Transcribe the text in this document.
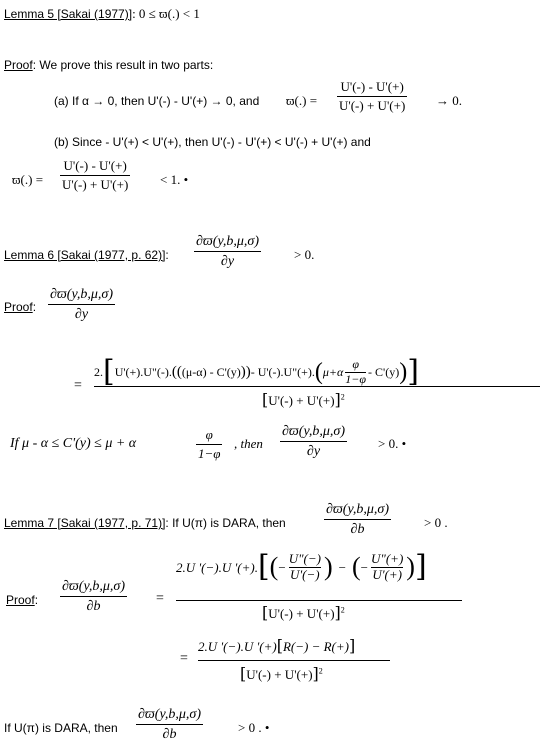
Lemma 5 [Sakai (1977)]: 0 ≤ ϖ(.) < 1
Proof: We prove this result in two parts:
(a) If α → 0, then U'(-) - U'(+) → 0, and ϖ(.) =
U'(-) - U'(+)
U'(-) + U'(+) → 0.
(b) Since - U'(+) < U'(+), then U'(-) - U'(+) < U'(-) + U'(+) and
ϖ(.) =
U'(-) - U'(+)
U'(-) + U'(+) < 1. •
Lemma 6 [Sakai (1977, p. 62)]:
∂ϖ(y,b,μ,σ)
∂y	> 0.
Proof:
∂ϖ(y,b,μ,σ)
∂y
=
2. [ U'(+).U"(-). (( (μ-α) - C'(y) )) - U'(-).U"(+). ( μ+α
φ
1−φ - C'(y) ) ]
$[U'(-) + U'(+)]^2$
If μ - α ≤ C'(y) ≤ μ + α
φ
1−φ
, then
∂ϖ(y,b,μ,σ)
∂y
> 0. •
Lemma 7 [Sakai (1977, p. 71)]: If U(π) is DARA, then
∂ϖ(y,b,μ,σ)
∂b	> 0 .
Proof:
∂ϖ(y,b,μ,σ)
∂b
=
2.U '(−).U '(+). [ ( −
U"(−)
U'(−) ) − ( −
U"(+)
U'(+) ) ]
$[U'(-) + U'(+)]^2$
=
2.U '(−).U '(+)[R(−) − R(+)]
$[U'(-) + U'(+)]^2$
If U(π) is DARA, then
∂ϖ(y,b,μ,σ)
∂b	> 0 . •
